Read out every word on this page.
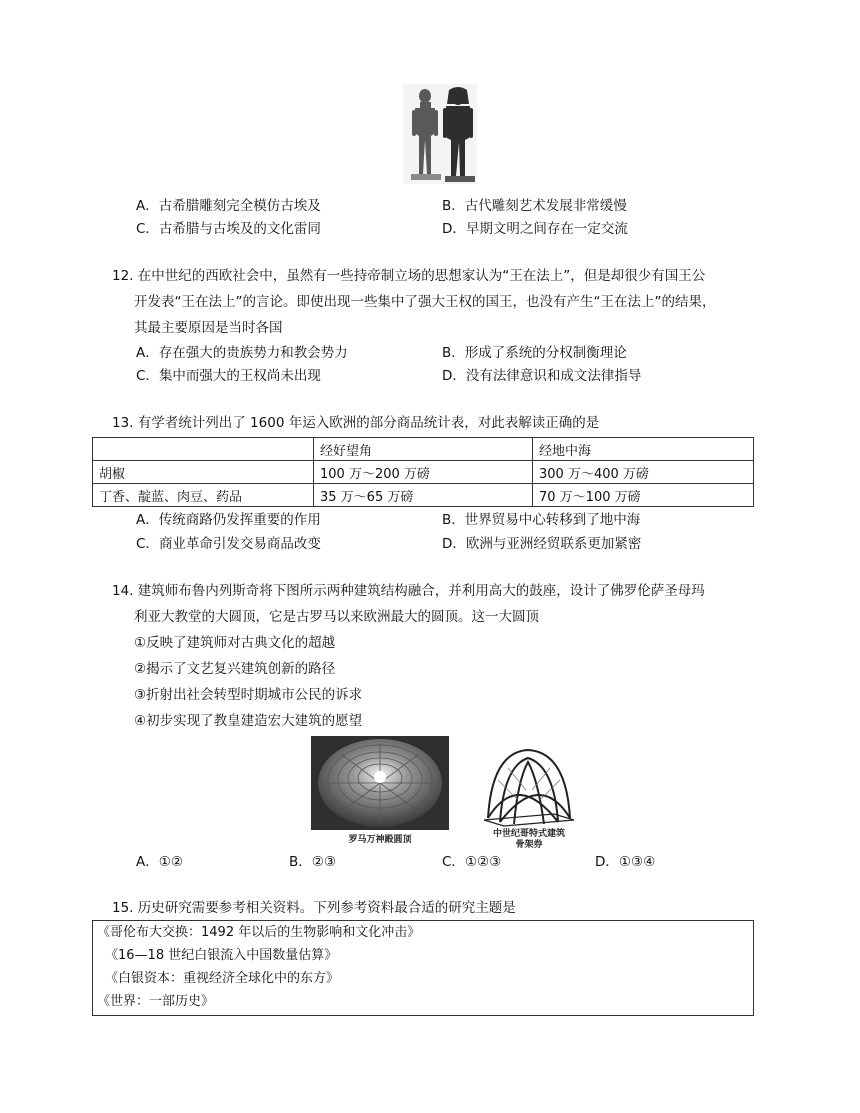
A．古希腊雕刻完全模仿古埃及	B．古代雕刻艺术发展非常缓慢
C．古希腊与古埃及的文化雷同	D．早期文明之间存在一定交流
12. 在中世纪的西欧社会中，虽然有一些持帝制立场的思想家认为“王在法上”，但是却很少有国王公
开发表“王在法上”的言论。即使出现一些集中了强大王权的国王，也没有产生“王在法上”的结果，
其最主要原因是当时各国
A．存在强大的贵族势力和教会势力	B．形成了系统的分权制衡理论
C．集中而强大的王权尚未出现	D．没有法律意识和成文法律指导
13. 有学者统计列出了 1600 年运入欧洲的部分商品统计表，对此表解读正确的是
	经好望角	经地中海
胡椒	100 万～200 万磅	300 万～400 万磅
丁香、靛蓝、肉豆、药品	35 万～65 万磅	70 万～100 万磅
A．传统商路仍发挥重要的作用	B．世界贸易中心转移到了地中海
C．商业革命引发交易商品改变	D．欧洲与亚洲经贸联系更加紧密
14. 建筑师布鲁内列斯奇将下图所示两种建筑结构融合，并利用高大的鼓座，设计了佛罗伦萨圣母玛
利亚大教堂的大圆顶，它是古罗马以来欧洲最大的圆顶。这一大圆顶
①反映了建筑师对古典文化的超越
②揭示了文艺复兴建筑创新的路径
③折射出社会转型时期城市公民的诉求
④初步实现了教皇建造宏大建筑的愿望
罗马万神殿圆顶
中世纪哥特式建筑
骨架券
A．①②	B．②③	C．①②③	D．①③④
15. 历史研究需要参考相关资料。下列参考资料最合适的研究主题是
《哥伦布大交换：1492 年以后的生物影响和文化冲击》
《16—18 世纪白银流入中国数量估算》
《白银资本：重视经济全球化中的东方》
《世界：一部历史》
